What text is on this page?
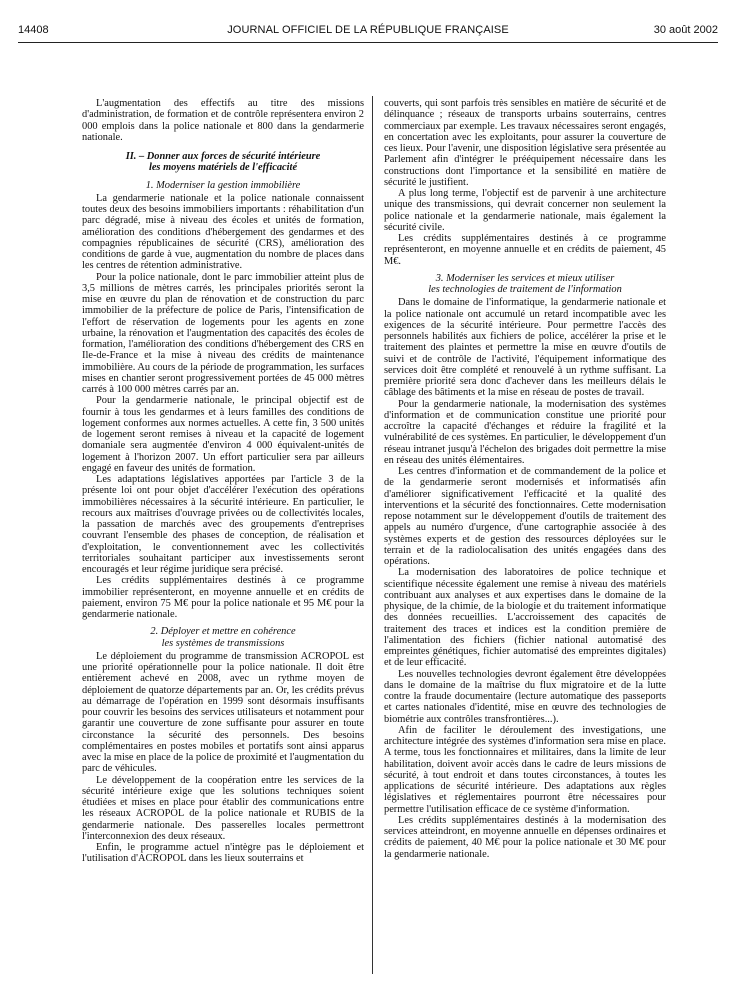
14408	JOURNAL OFFICIEL DE LA RÉPUBLIQUE FRANÇAISE	30 août 2002

L'augmentation des effectifs au titre des missions d'administration, de formation et de contrôle représentera environ 2 000 emplois dans la police nationale et 800 dans la gendarmerie nationale.

II. – Donner aux forces de sécurité intérieure
les moyens matériels de l'efficacité
1. Moderniser la gestion immobilière

La gendarmerie nationale et la police nationale connaissent toutes deux des besoins immobiliers importants : réhabilitation d'un parc dégradé, mise à niveau des écoles et unités de formation, amélioration des conditions d'hébergement des gendarmes et des compagnies républicaines de sécurité (CRS), amélioration des conditions de garde à vue, augmentation du nombre de places dans les centres de rétention administrative.

Pour la police nationale, dont le parc immobilier atteint plus de 3,5 millions de mètres carrés, les principales priorités seront la mise en œuvre du plan de rénovation et de construction du parc immobilier de la préfecture de police de Paris, l'intensification de l'effort de réservation de logements pour les agents en zone urbaine, la rénovation et l'augmentation des capacités des écoles de formation, l'amélioration des conditions d'hébergement des CRS en Ile-de-France et la mise à niveau des crédits de maintenance immobilière. Au cours de la période de programmation, les surfaces mises en chantier seront progressivement portées de 45 000 mètres carrés à 100 000 mètres carrés par an.

Pour la gendarmerie nationale, le principal objectif est de fournir à tous les gendarmes et à leurs familles des conditions de logement conformes aux normes actuelles. A cette fin, 3 500 unités de logement seront remises à niveau et la capacité de logement domaniale sera augmentée d'environ 4 000 équivalent-unités de logement à l'horizon 2007. Un effort particulier sera par ailleurs engagé en faveur des unités de formation.

Les adaptations législatives apportées par l'article 3 de la présente loi ont pour objet d'accélérer l'exécution des opérations immobilières nécessaires à la sécurité intérieure. En particulier, le recours aux maîtrises d'ouvrage privées ou de collectivités locales, la passation de marchés avec des groupements d'entreprises couvrant l'ensemble des phases de conception, de réalisation et d'exploitation, le conventionnement avec les collectivités territoriales souhaitant participer aux investissements seront encouragés et leur régime juridique sera précisé.

Les crédits supplémentaires destinés à ce programme immobilier représenteront, en moyenne annuelle et en crédits de paiement, environ 75 M€ pour la police nationale et 95 M€ pour la gendarmerie nationale.

2. Déployer et mettre en cohérence
les systèmes de transmissions

Le déploiement du programme de transmission ACROPOL est une priorité opérationnelle pour la police nationale. Il doit être entièrement achevé en 2008, avec un rythme moyen de déploiement de quatorze départements par an. Or, les crédits prévus au démarrage de l'opération en 1999 sont désormais insuffisants pour couvrir les besoins des services utilisateurs et notamment pour garantir une couverture de zone suffisante pour assurer en toute circonstance la sécurité des personnels. Des besoins complémentaires en postes mobiles et portatifs sont ainsi apparus avec la mise en place de la police de proximité et l'augmentation du parc de véhicules.

Le développement de la coopération entre les services de la sécurité intérieure exige que les solutions techniques soient étudiées et mises en place pour établir des communications entre les réseaux ACROPOL de la police nationale et RUBIS de la gendarmerie nationale. Des passerelles locales permettront l'interconnexion des deux réseaux.

Enfin, le programme actuel n'intègre pas le déploiement et l'utilisation d'ACROPOL dans les lieux souterrains et

couverts, qui sont parfois très sensibles en matière de sécurité et de délinquance ; réseaux de transports urbains souterrains, centres commerciaux par exemple. Les travaux nécessaires seront engagés, en concertation avec les exploitants, pour assurer la couverture de ces lieux. Pour l'avenir, une disposition législative sera présentée au Parlement afin d'intégrer le prééquipement nécessaire dans les constructions dont l'importance et la sensibilité en matière de sécurité le justifient.

A plus long terme, l'objectif est de parvenir à une architecture unique des transmissions, qui devrait concerner non seulement la police nationale et la gendarmerie nationale, mais également la sécurité civile.

Les crédits supplémentaires destinés à ce programme représenteront, en moyenne annuelle et en crédits de paiement, 45 M€.

3. Moderniser les services et mieux utiliser
les technologies de traitement de l'information

Dans le domaine de l'informatique, la gendarmerie nationale et la police nationale ont accumulé un retard incompatible avec les exigences de la sécurité intérieure. Pour permettre l'accès des personnels habilités aux fichiers de police, accélérer la prise et le traitement des plaintes et permettre la mise en œuvre d'outils de suivi et de contrôle de l'activité, l'équipement informatique des services doit être complété et renouvelé à un rythme suffisant. La première priorité sera donc d'achever dans les meilleurs délais le câblage des bâtiments et la mise en réseau de postes de travail.

Pour la gendarmerie nationale, la modernisation des systèmes d'information et de communication constitue une priorité pour accroître la capacité d'échanges et réduire la fragilité et la vulnérabilité de ces systèmes. En particulier, le développement d'un réseau intranet jusqu'à l'échelon des brigades doit permettre la mise en réseau des unités élémentaires.

Les centres d'information et de commandement de la police et de la gendarmerie seront modernisés et informatisés afin d'améliorer significativement l'efficacité et la qualité des interventions et la sécurité des fonctionnaires. Cette modernisation repose notamment sur le développement d'outils de traitement des appels au numéro d'urgence, d'une cartographie associée à des systèmes experts et de gestion des ressources déployées sur le terrain et de la radiolocalisation des unités engagées dans des opérations.

La modernisation des laboratoires de police technique et scientifique nécessite également une remise à niveau des matériels contribuant aux analyses et aux expertises dans le domaine de la physique, de la chimie, de la biologie et du traitement informatique des données recueillies. L'accroissement des capacités de traitement des traces et indices est la condition première de l'alimentation des fichiers (fichier national automatisé des empreintes génétiques, fichier automatisé des empreintes digitales) et de leur efficacité.

Les nouvelles technologies devront également être développées dans le domaine de la maîtrise du flux migratoire et de la lutte contre la fraude documentaire (lecture automatique des passeports et cartes nationales d'identité, mise en œuvre des technologies de biométrie aux contrôles transfrontières...).

Afin de faciliter le déroulement des investigations, une architecture intégrée des systèmes d'information sera mise en place. A terme, tous les fonctionnaires et militaires, dans la limite de leur habilitation, doivent avoir accès dans le cadre de leurs missions de sécurité, à tout endroit et dans toutes circonstances, à toutes les applications de sécurité intérieure. Des adaptations aux règles législatives et réglementaires pourront être nécessaires pour permettre l'utilisation efficace de ce système d'information.

Les crédits supplémentaires destinés à la modernisation des services atteindront, en moyenne annuelle en dépenses ordinaires et crédits de paiement, 40 M€ pour la police nationale et 30 M€ pour la gendarmerie nationale.
